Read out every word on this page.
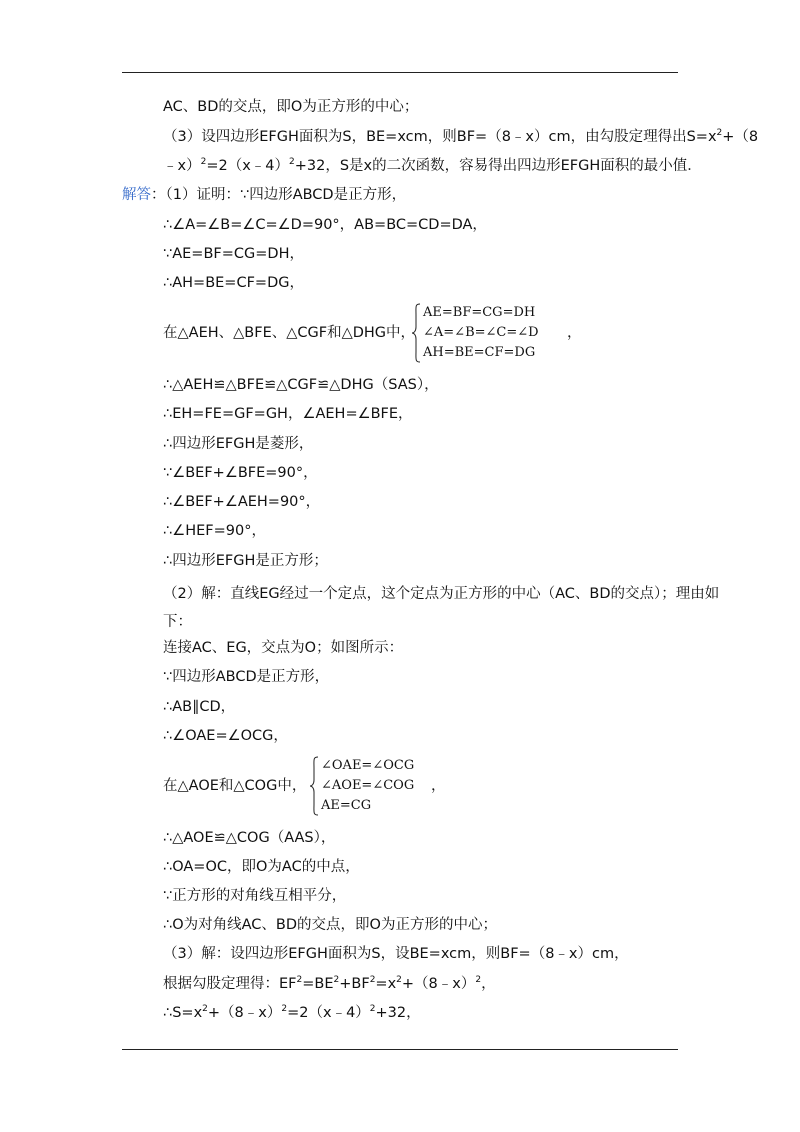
AC、BD的交点，即O为正方形的中心；
（3）设四边形EFGH面积为S，BE=xcm，则BF=（8﹣x）cm，由勾股定理得出$S=x^2+(8$
﹣x）$^2$=2（x﹣4）$^2$+32，S是x的二次函数，容易得出四边形EFGH面积的最小值．
解答：（1）证明：∵四边形ABCD是正方形，
∴∠A=∠B=∠C=∠D=90°，AB=BC=CD=DA，
∵AE=BF=CG=DH，
∴AH=BE=CF=DG，
在△AEH、△BFE、△CGF和△DHG中，
AE=BF=CG=DH
∠A=∠B=∠C=∠D
AH=BE=CF=DG
，
∴△AEH≌△BFE≌△CGF≌△DHG（SAS），
∴EH=FE=GF=GH，∠AEH=∠BFE，
∴四边形EFGH是菱形，
∵∠BEF+∠BFE=90°，
∴∠BEF+∠AEH=90°，
∴∠HEF=90°，
∴四边形EFGH是正方形；
（2）解：直线EG经过一个定点，这个定点为正方形的中心（AC、BD的交点）；理由如下：
连接AC、EG，交点为O；如图所示：
∵四边形ABCD是正方形，
∴AB∥CD，
∴∠OAE=∠OCG，
在△AOE和△COG中，
∠OAE=∠OCG
∠AOE=∠COG
AE=CG
，
∴△AOE≌△COG（AAS），
∴OA=OC，即O为AC的中点，
∵正方形的对角线互相平分，
∴O为对角线AC、BD的交点，即O为正方形的中心；
（3）解：设四边形EFGH面积为S，设BE=xcm，则BF=（8﹣x）cm，
根据勾股定理得：$EF^2=BE^2+BF^2=x^2+(8﹣x)^2$，
$\therefore S=x^2+(8﹣x)^2=2(x﹣4)^2+32$，
